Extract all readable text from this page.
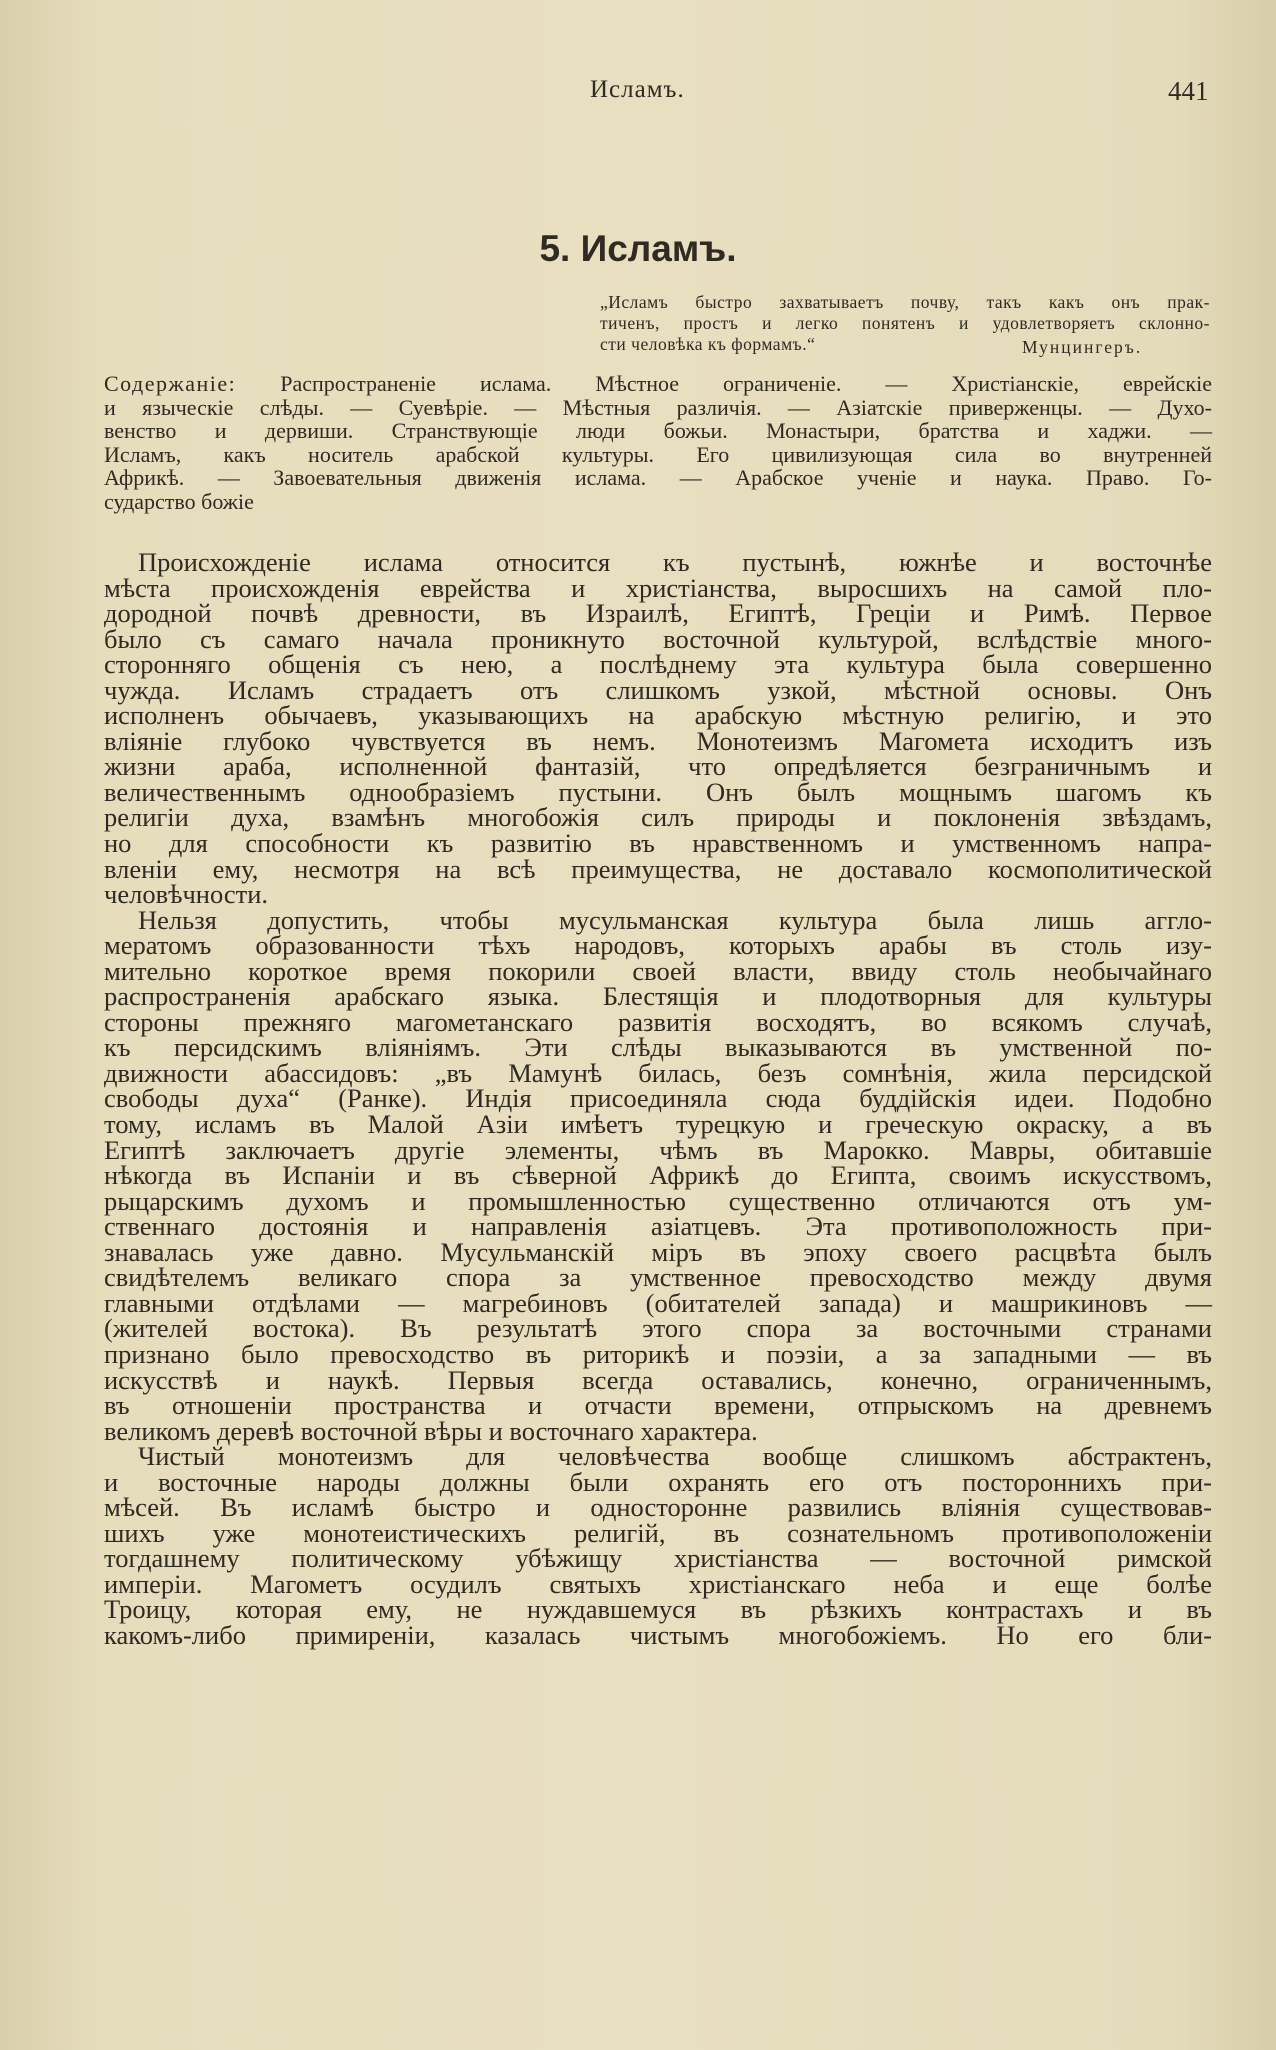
Исламъ.	441
5. Исламъ.
„Исламъ быстро захватываетъ почву, такъ какъ онъ прак-
тиченъ, простъ и легко понятенъ и удовлетворяетъ склонно-
сти человѣка къ формамъ.“	Мунцингеръ.
Содержаніе: Распространеніе ислама. Мѣстное ограниченіе. — Христіанскіе, еврейскіе
и языческіе слѣды. — Суевѣріе. — Мѣстныя различія. — Азіатскіе приверженцы. — Духо-
венство и дервиши. Странствующіе люди божьи. Монастыри, братства и хаджи. —
Исламъ, какъ носитель арабской культуры. Его цивилизующая сила во внутренней
Африкѣ. — Завоевательныя движенія ислама. — Арабское ученіе и наука. Право. Го-
сударство божіе
Происхожденіе ислама относится къ пустынѣ, южнѣе и восточнѣе
мѣста происхожденія еврейства и христіанства, выросшихъ на самой пло-
дородной почвѣ древности, въ Израилѣ, Египтѣ, Греціи и Римѣ. Первое
было съ самаго начала проникнуто восточной культурой, вслѣдствіе много-
сторонняго общенія съ нею, а послѣднему эта культура была совершенно
чужда. Исламъ страдаетъ отъ слишкомъ узкой, мѣстной основы. Онъ
исполненъ обычаевъ, указывающихъ на арабскую мѣстную религію, и это
вліяніе глубоко чувствуется въ немъ. Монотеизмъ Магомета исходитъ изъ
жизни араба, исполненной фантазій, что опредѣляется безграничнымъ и
величественнымъ однообразіемъ пустыни. Онъ былъ мощнымъ шагомъ къ
религіи духа, взамѣнъ многобожія силъ природы и поклоненія звѣздамъ,
но для способности къ развитію въ нравственномъ и умственномъ напра-
вленіи ему, несмотря на всѣ преимущества, не доставало космополитической
человѣчности.
Нельзя допустить, чтобы мусульманская культура была лишь аггло-
мератомъ образованности тѣхъ народовъ, которыхъ арабы въ столь изу-
мительно короткое время покорили своей власти, ввиду столь необычайнаго
распространенія арабскаго языка. Блестящія и плодотворныя для культуры
стороны прежняго магометанскаго развитія восходятъ, во всякомъ случаѣ,
къ персидскимъ вліяніямъ. Эти слѣды выказываются въ умственной по-
движности абассидовъ: „въ Мамунѣ билась, безъ сомнѣнія, жила персидской
свободы духа“ (Ранке). Индія присоединяла сюда буддійскія идеи. Подобно
тому, исламъ въ Малой Азіи имѣетъ турецкую и греческую окраску, а въ
Египтѣ заключаетъ другіе элементы, чѣмъ въ Марокко. Мавры, обитавшіе
нѣкогда въ Испаніи и въ сѣверной Африкѣ до Египта, своимъ искусствомъ,
рыцарскимъ духомъ и промышленностью существенно отличаются отъ ум-
ственнаго достоянія и направленія азіатцевъ. Эта противоположность при-
знавалась уже давно. Мусульманскій міръ въ эпоху своего расцвѣта былъ
свидѣтелемъ великаго спора за умственное превосходство между двумя
главными отдѣлами — магребиновъ (обитателей запада) и машрикиновъ —
(жителей востока). Въ результатѣ этого спора за восточными странами
признано было превосходство въ риторикѣ и поэзіи, а за западными — въ
искусствѣ и наукѣ. Первыя всегда оставались, конечно, ограниченнымъ,
въ отношеніи пространства и отчасти времени, отпрыскомъ на древнемъ
великомъ деревѣ восточной вѣры и восточнаго характера.
Чистый монотеизмъ для человѣчества вообще слишкомъ абстрактенъ,
и восточные народы должны были охранять его отъ постороннихъ при-
мѣсей. Въ исламѣ быстро и односторонне развились вліянія существовав-
шихъ уже монотеистическихъ религій, въ сознательномъ противоположеніи
тогдашнему политическому убѣжищу христіанства — восточной римской
имперіи. Магометъ осудилъ святыхъ христіанскаго неба и еще болѣе
Троицу, которая ему, не нуждавшемуся въ рѣзкихъ контрастахъ и въ
какомъ-либо примиреніи, казалась чистымъ многобожіемъ. Но его бли-
